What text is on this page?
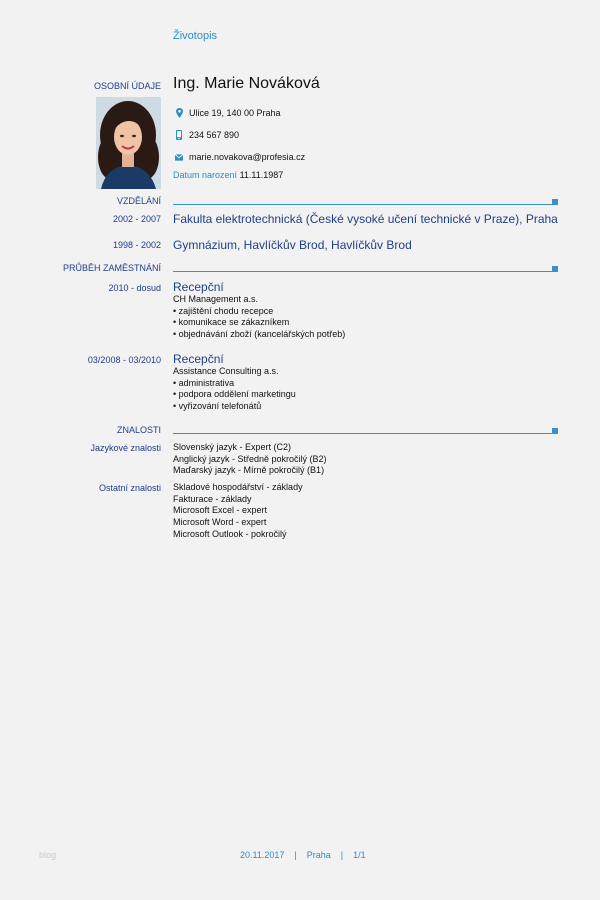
Životopis
OSOBNÍ ÚDAJE Ing. Marie Nováková
Ulice 19, 140 00 Praha
234 567 890
marie.novakova@profesia.cz
Datum narození 11.11.1987
VZDĚLÁNÍ
2002 - 2007 Fakulta elektrotechnická (České vysoké učení technické v Praze), Praha
1998 - 2002 Gymnázium, Havlíčkův Brod, Havlíčkův Brod
PRŮBĚH ZAMĚSTNÁNÍ
2010 - dosud Recepční
CH Management a.s.
• zajištění chodu recepce
• komunikace se zákazníkem
• objednávání zboží (kancelářských potřeb)
03/2008 - 03/2010 Recepční
Assistance Consulting a.s.
• administrativa
• podpora oddělení marketingu
• vyřizování telefonátů
ZNALOSTI
Jazykové znalosti Slovenský jazyk - Expert (C2)
Anglický jazyk - Středně pokročilý (B2)
Maďarský jazyk - Mírně pokročilý (B1)
Ostatní znalosti Skladové hospodářství - základy
Fakturace - základy
Microsoft Excel - expert
Microsoft Word - expert
Microsoft Outlook - pokročilý
blog	20.11.2017 | Praha | 1/1
